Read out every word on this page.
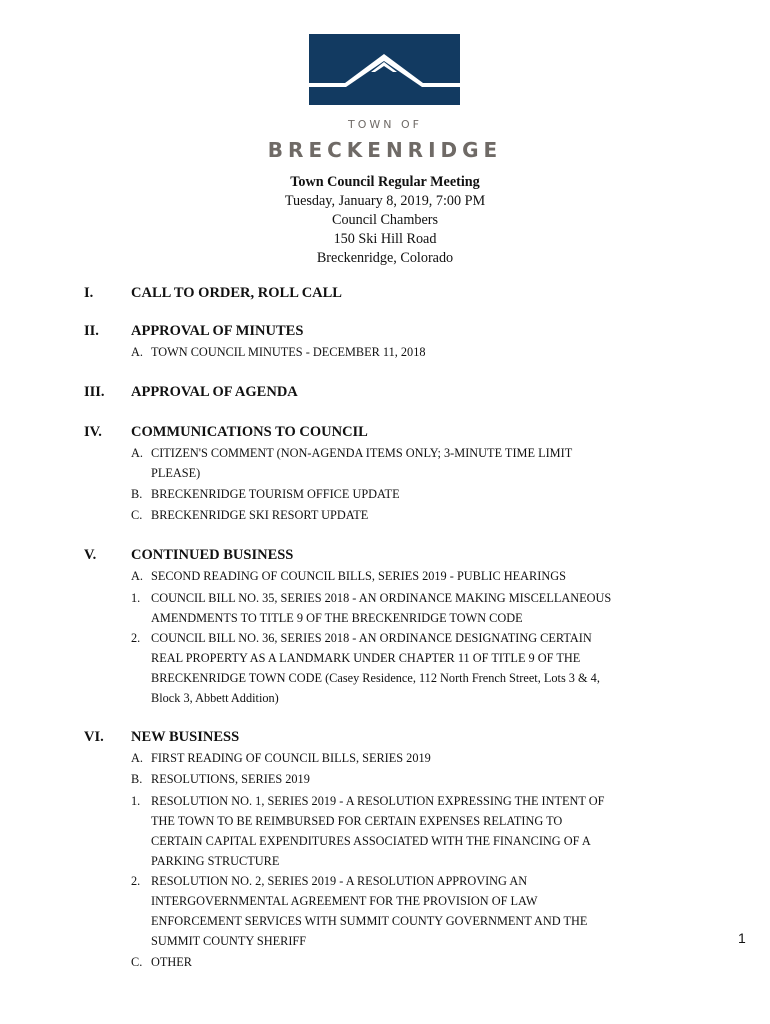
TOWN OF
BRECKENRIDGE
Town Council Regular Meeting
Tuesday, January 8, 2019, 7:00 PM
Council Chambers
150 Ski Hill Road
Breckenridge, Colorado
I.	CALL TO ORDER, ROLL CALL
II. APPROVAL OF MINUTES
A. TOWN COUNCIL MINUTES - DECEMBER 11, 2018
III. APPROVAL OF AGENDA
IV. COMMUNICATIONS TO COUNCIL
A. CITIZEN'S COMMENT (NON-AGENDA ITEMS ONLY; 3-MINUTE TIME LIMIT
PLEASE)
B. BRECKENRIDGE TOURISM OFFICE UPDATE
C. BRECKENRIDGE SKI RESORT UPDATE
V. CONTINUED BUSINESS
A. SECOND READING OF COUNCIL BILLS, SERIES 2019 - PUBLIC HEARINGS
1. COUNCIL BILL NO. 35, SERIES 2018 - AN ORDINANCE MAKING MISCELLANEOUS
AMENDMENTS TO TITLE 9 OF THE BRECKENRIDGE TOWN CODE
2. COUNCIL BILL NO. 36, SERIES 2018 - AN ORDINANCE DESIGNATING CERTAIN
REAL PROPERTY AS A LANDMARK UNDER CHAPTER 11 OF TITLE 9 OF THE
BRECKENRIDGE TOWN CODE (Casey Residence, 112 North French Street, Lots 3 & 4,
Block 3, Abbett Addition)
VI. NEW BUSINESS
A. FIRST READING OF COUNCIL BILLS, SERIES 2019
B. RESOLUTIONS, SERIES 2019
1. RESOLUTION NO. 1, SERIES 2019 - A RESOLUTION EXPRESSING THE INTENT OF
THE TOWN TO BE REIMBURSED FOR CERTAIN EXPENSES RELATING TO
CERTAIN CAPITAL EXPENDITURES ASSOCIATED WITH THE FINANCING OF A
PARKING STRUCTURE
2. RESOLUTION NO. 2, SERIES 2019 - A RESOLUTION APPROVING AN
INTERGOVERNMENTAL AGREEMENT FOR THE PROVISION OF LAW
ENFORCEMENT SERVICES WITH SUMMIT COUNTY GOVERNMENT AND THE
SUMMIT COUNTY SHERIFF
C. OTHER
1
